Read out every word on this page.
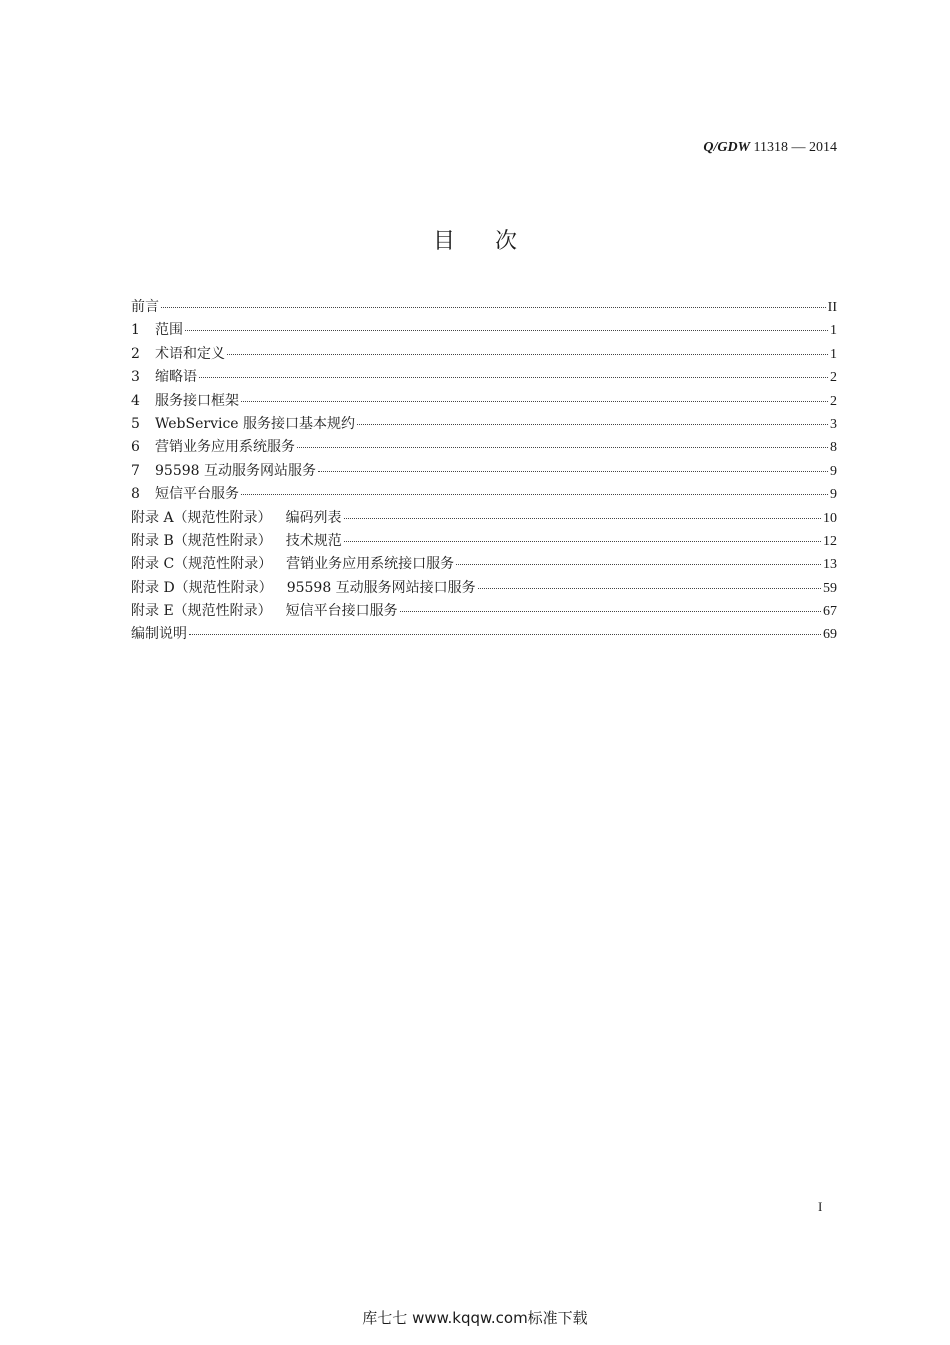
Q/GDW 11318 — 2014
目次
前言	II
1	范围	1
2	术语和定义	1
3	缩略语	2
4	服务接口框架	2
5	WebService 服务接口基本规约	3
6	营销业务应用系统服务	8
7	95598 互动服务网站服务	9
8	短信平台服务	9
附录 A（规范性附录） 编码列表	10
附录 B（规范性附录） 技术规范	12
附录 C（规范性附录） 营销业务应用系统接口服务	13
附录 D（规范性附录） 95598 互动服务网站接口服务	59
附录 E（规范性附录） 短信平台接口服务	67
编制说明	69
I
库七七 www.kqqw.com标准下载
